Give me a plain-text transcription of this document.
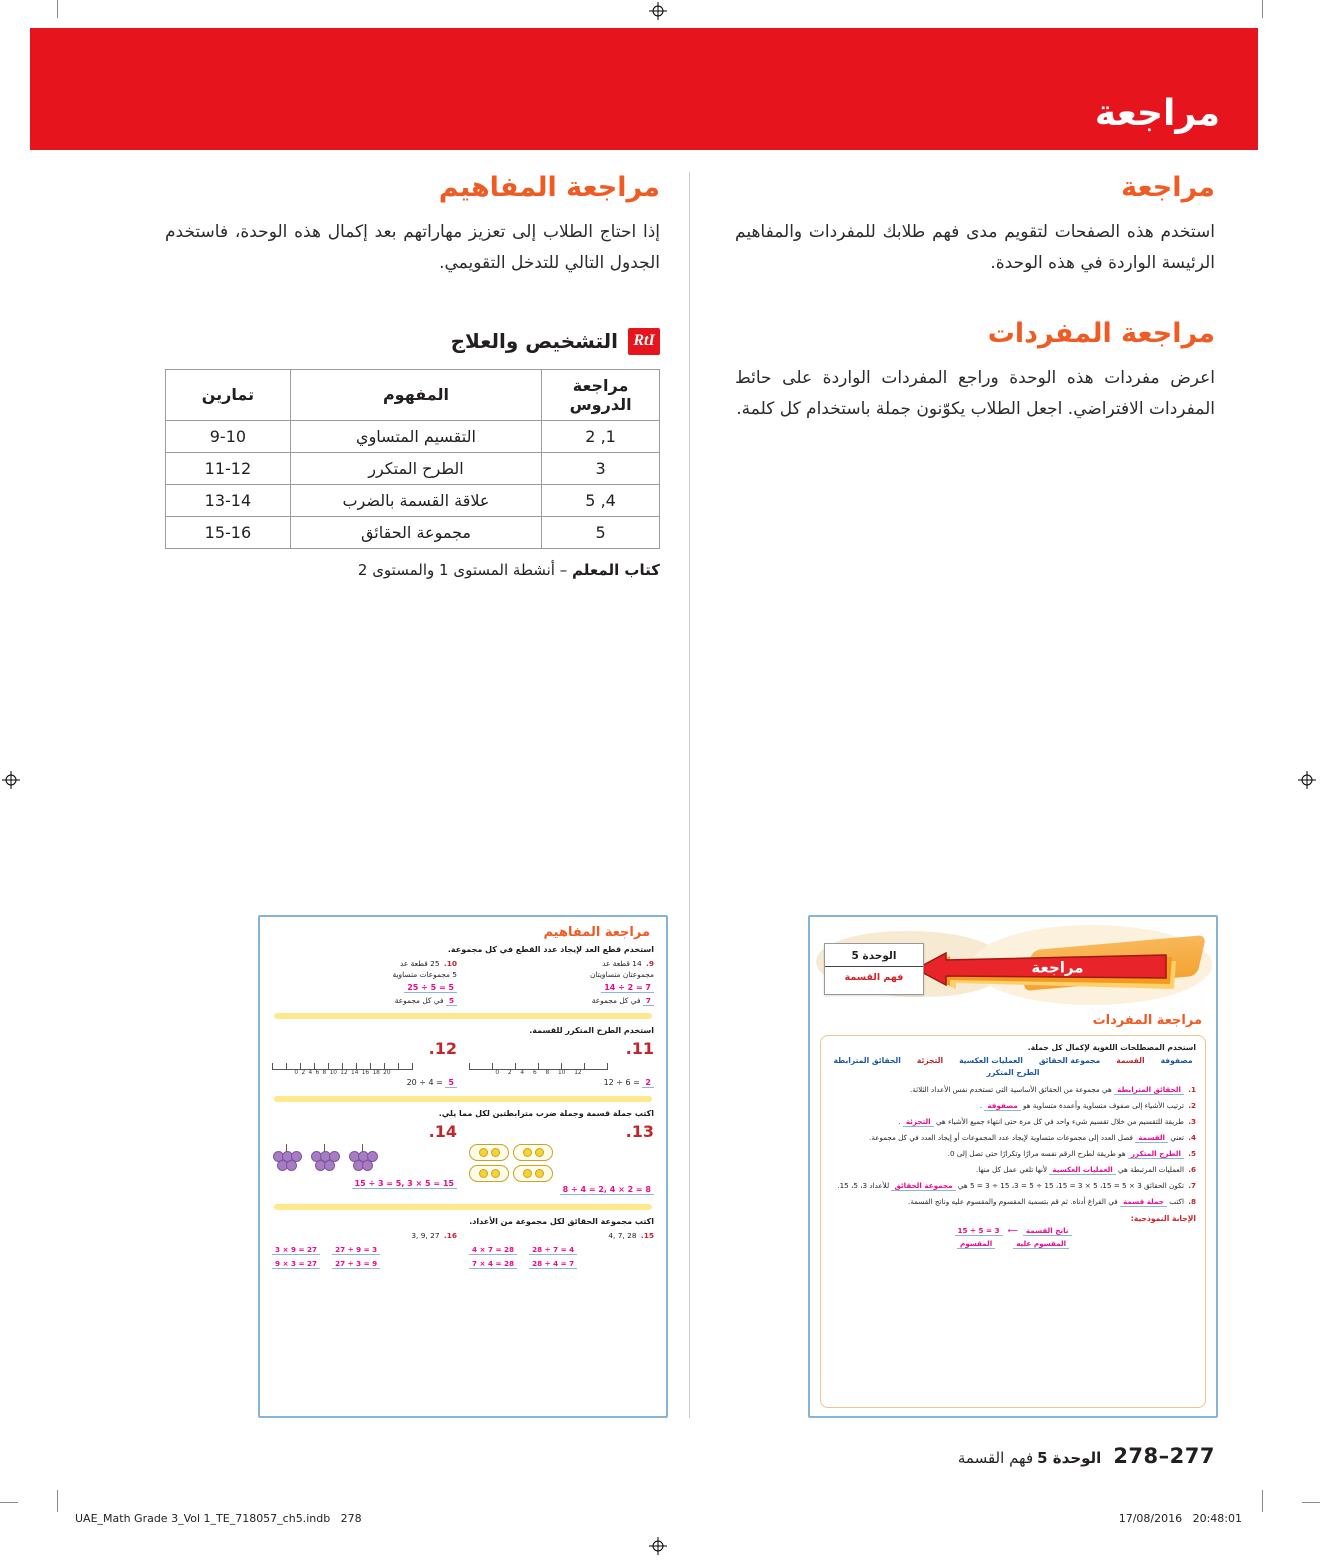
مراجعة
مراجعة

استخدم هذه الصفحات لتقويم مدى فهم طلابك للمفردات والمفاهيم الرئيسة الواردة في هذه الوحدة.

مراجعة المفردات

اعرض مفردات هذه الوحدة وراجع المفردات الواردة على حائط المفردات الافتراضي. اجعل الطلاب يكوّنون جملة باستخدام كل كلمة.

مراجعة المفاهيم

إذا احتاج الطلاب إلى تعزيز مهاراتهم بعد إكمال هذه الوحدة، فاستخدم الجدول التالي للتدخل التقويمي.

RtI
التشخيص والعلاج
مراجعة الدروس	المفهوم	تمارين
1, 2	التقسيم المتساوي	9-10
3	الطرح المتكرر	11-12
4, 5	علاقة القسمة بالضرب	13-14
5	مجموعة الحقائق	15-16

كتاب المعلم – أنشطة المستوى 1 والمستوى 2

مراجعة
الوحدة 5
فهم القسمة
مراجعة المفردات
استخدم المصطلحات اللغوية لإكمال كل جملة.
مصفوفة
القسمة
مجموعة الحقائق
العمليات العكسية
التجزئة
الحقائق المترابطة
الطرح المتكرر
1. الحقائق المترابطة هي مجموعة من الحقائق الأساسية التي تستخدم نفس الأعداد الثلاثة.
2. ترتيب الأشياء إلى صفوف متساوية وأعمدة متساوية هو مصفوفة .
3. طريقة للتقسيم من خلال تقسيم شيء واحد في كل مرة حتى انتهاء جميع الأشياء هي التجزئة .
4. تعني القسمة فصل العدد إلى مجموعات متساوية لإيجاد عدد المجموعات أو إيجاد العدد في كل مجموعة.
5. الطرح المتكرر هو طريقة لطرح الرقم نفسه مرارًا وتكرارًا حتى تصل إلى 0.
6. العمليات المرتبطة هي العمليات العكسية لأنها تلغي عمل كل منها.
7. تكون الحقائق 3 × 5 = 15، 5 × 3 = 15، 15 ÷ 5 = 3، 15 ÷ 3 = 5 هي مجموعة الحقائق للأعداد 3، 5، 15.
8. اكتب جملة قسمة في الفراغ أدناه. ثم قم بتسمية المقسوم والمقسوم عليه وناتج القسمة.
الإجابة النموذجية:
ناتج القسمة
⟵
15 ÷ 5 = 3
المقسوم عليه
المقسوم
مراجعة المفاهيم
استخدم قطع العد لإيجاد عدد القطع في كل مجموعة.
9. 14 قطعة عد
مجموعتان متساويتان
14 ÷ 2 = 7
7 في كل مجموعة
10. 25 قطعة عد
5 مجموعات متساوية
25 ÷ 5 = 5
5 في كل مجموعة
استخدم الطرح المتكرر للقسمة.
11.
0 2 4 6 8 10 12
12 ÷ 6 = 2
12.
0 2 4 6 8 10 12 14 16 18 20
20 ÷ 4 = 5
اكتب جملة قسمة وجملة ضرب مترابطتين لكل مما يلي.
13.
8 ÷ 4 = 2, 4 × 2 = 8
14.
15 ÷ 3 = 5, 3 × 5 = 15
اكتب مجموعة الحقائق لكل مجموعة من الأعداد.
15. 4, 7, 28
4 × 7 = 28	28 ÷ 7 = 4
7 × 4 = 28	28 ÷ 4 = 7
16. 3, 9, 27
3 × 9 = 27	27 ÷ 9 = 3
9 × 3 = 27	27 ÷ 3 = 9
277–278
الوحدة 5فهم القسمة
UAE_Math Grade 3_Vol 1_TE_718057_ch5.indb   278	17/08/2016   20:48:01
